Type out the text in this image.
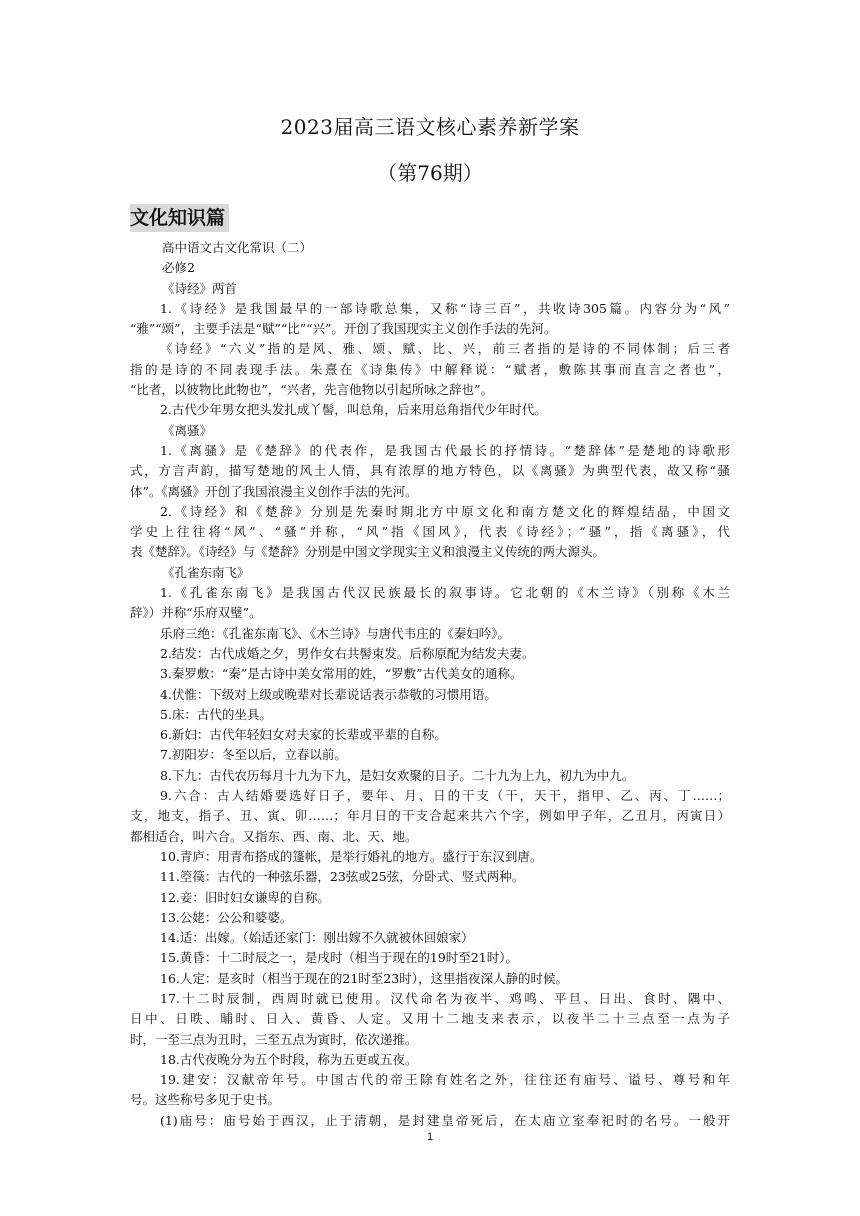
2023届高三语文核心素养新学案
（第76期）
文化知识篇
高中语文古文化常识（二）
必修2
《诗经》两首
1.《诗经》是我国最早的一部诗歌总集，又称“诗三百”，共收诗305篇。内容分为“风”
“雅”“颂”，主要手法是“赋”“比”“兴”。开创了我国现实主义创作手法的先河。
《诗经》“六义”指的是风、雅、颂、赋、比、兴，前三者指的是诗的不同体制；后三者
指的是诗的不同表现手法。朱熹在《诗集传》中解释说：“赋者，敷陈其事而直言之者也”，
“比者，以彼物比此物也”，“兴者，先言他物以引起所咏之辞也”。
2.古代少年男女把头发扎成丫髻，叫总角，后来用总角指代少年时代。
《离骚》
1.《离骚》是《楚辞》的代表作，是我国古代最长的抒情诗。“楚辞体”是楚地的诗歌形
式，方言声韵，描写楚地的风土人情，具有浓厚的地方特色，以《离骚》为典型代表，故又称“骚
体”。《离骚》开创了我国浪漫主义创作手法的先河。
2.《诗经》和《楚辞》分别是先秦时期北方中原文化和南方楚文化的辉煌结晶，中国文
学史上往往将“风”、“骚”并称，“风”指《国风》，代表《诗经》；“骚”，指《离骚》，代
表《楚辞》。《诗经》与《楚辞》分别是中国文学现实主义和浪漫主义传统的两大源头。
《孔雀东南飞》
1.《孔雀东南飞》是我国古代汉民族最长的叙事诗。它北朝的《木兰诗》（别称《木兰
辞》）并称“乐府双璧”。
乐府三绝：《孔雀东南飞》、《木兰诗》与唐代韦庄的《秦妇吟》。
2.结发：古代成婚之夕，男作女右共髻束发。后称原配为结发夫妻。
3.秦罗敷：“秦”是古诗中美女常用的姓，“罗敷”古代美女的通称。
4.伏惟：下级对上级或晚辈对长辈说话表示恭敬的习惯用语。
5.床：古代的坐具。
6.新妇：古代年轻妇女对夫家的长辈或平辈的自称。
7.初阳岁：冬至以后，立春以前。
8.下九：古代农历每月十九为下九，是妇女欢聚的日子。二十九为上九，初九为中九。
9.六合：古人结婚要选好日子，要年、月、日的干支（干，天干，指甲、乙、丙、丁……；
支，地支，指子、丑、寅、卯……；年月日的干支合起来共六个字，例如甲子年，乙丑月，丙寅日）
都相适合，叫六合。又指东、西、南、北、天、地。
10.青庐：用青布搭成的篷帐，是举行婚礼的地方。盛行于东汉到唐。
11.箜篌：古代的一种弦乐器，23弦或25弦，分卧式、竖式两种。
12.妾：旧时妇女谦卑的自称。
13.公姥：公公和婆婆。
14.适：出嫁。（始适还家门：刚出嫁不久就被休回娘家）
15.黄昏：十二时辰之一，是戌时（相当于现在的19时至21时）。
16.人定：是亥时（相当于现在的21时至23时），这里指夜深人静的时候。
17.十二时辰制，西周时就已使用。汉代命名为夜半、鸡鸣、平旦、日出、食时、隅中、
日中、日昳、晡时、日入、黄昏、人定。又用十二地支来表示，以夜半二十三点至一点为子
时，一至三点为丑时，三至五点为寅时，依次递推。
18.古代夜晚分为五个时段，称为五更或五夜。
19.建安：汉献帝年号。中国古代的帝王除有姓名之外，往往还有庙号、谥号、尊号和年
号。这些称号多见于史书。
(1)庙号：庙号始于西汉，止于清朝，是封建皇帝死后，在太庙立室奉祀时的名号。一般开
1
